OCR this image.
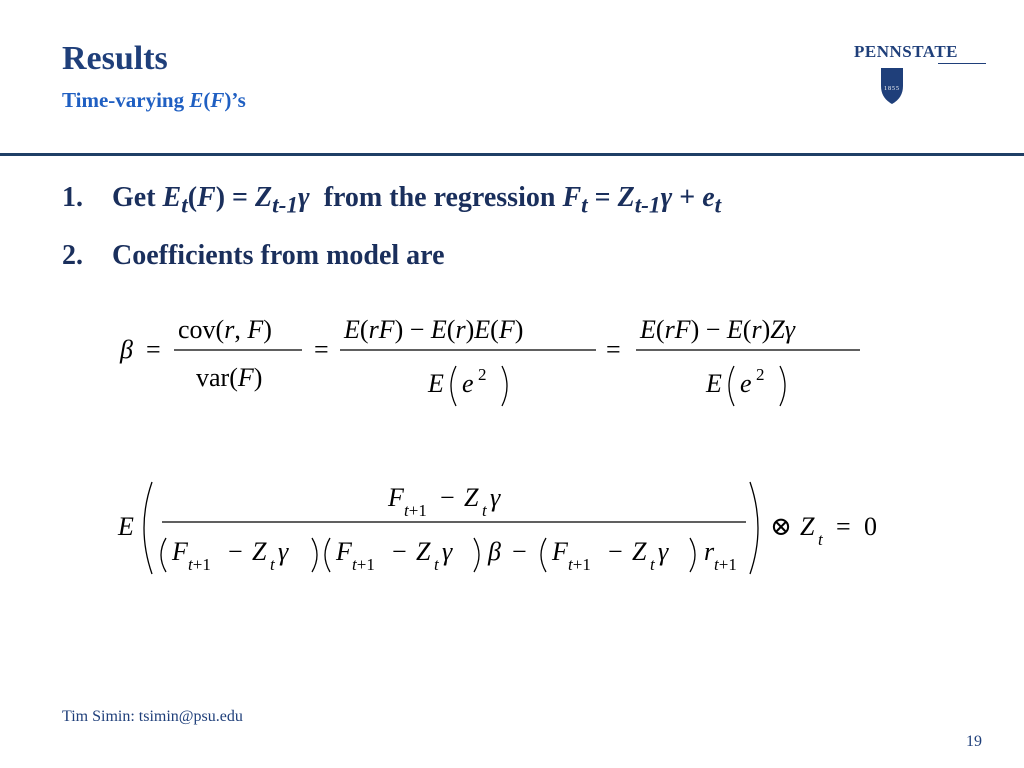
Results
Time-varying E(F)’s
PENNSTATE
1855
1. Get $E_t(F) = Z_{t-1}\gamma$  from the regression $F_t = Z_{t-1}\gamma + e_t$
2. Coefficients from model are
β =
cov(r, F)
var(F)
=
E(rF) − E(r)E(F)
E e 2
=
E(rF) − E(r)Zγ
E e 2
E
F t+1 − Z t γ
F t+1 − Z t γ F t+1 − Z t γ β − F t+1 − Z t γ r t+1
⊗ Z t = 0
Tim Simin: tsimin@psu.edu
19
